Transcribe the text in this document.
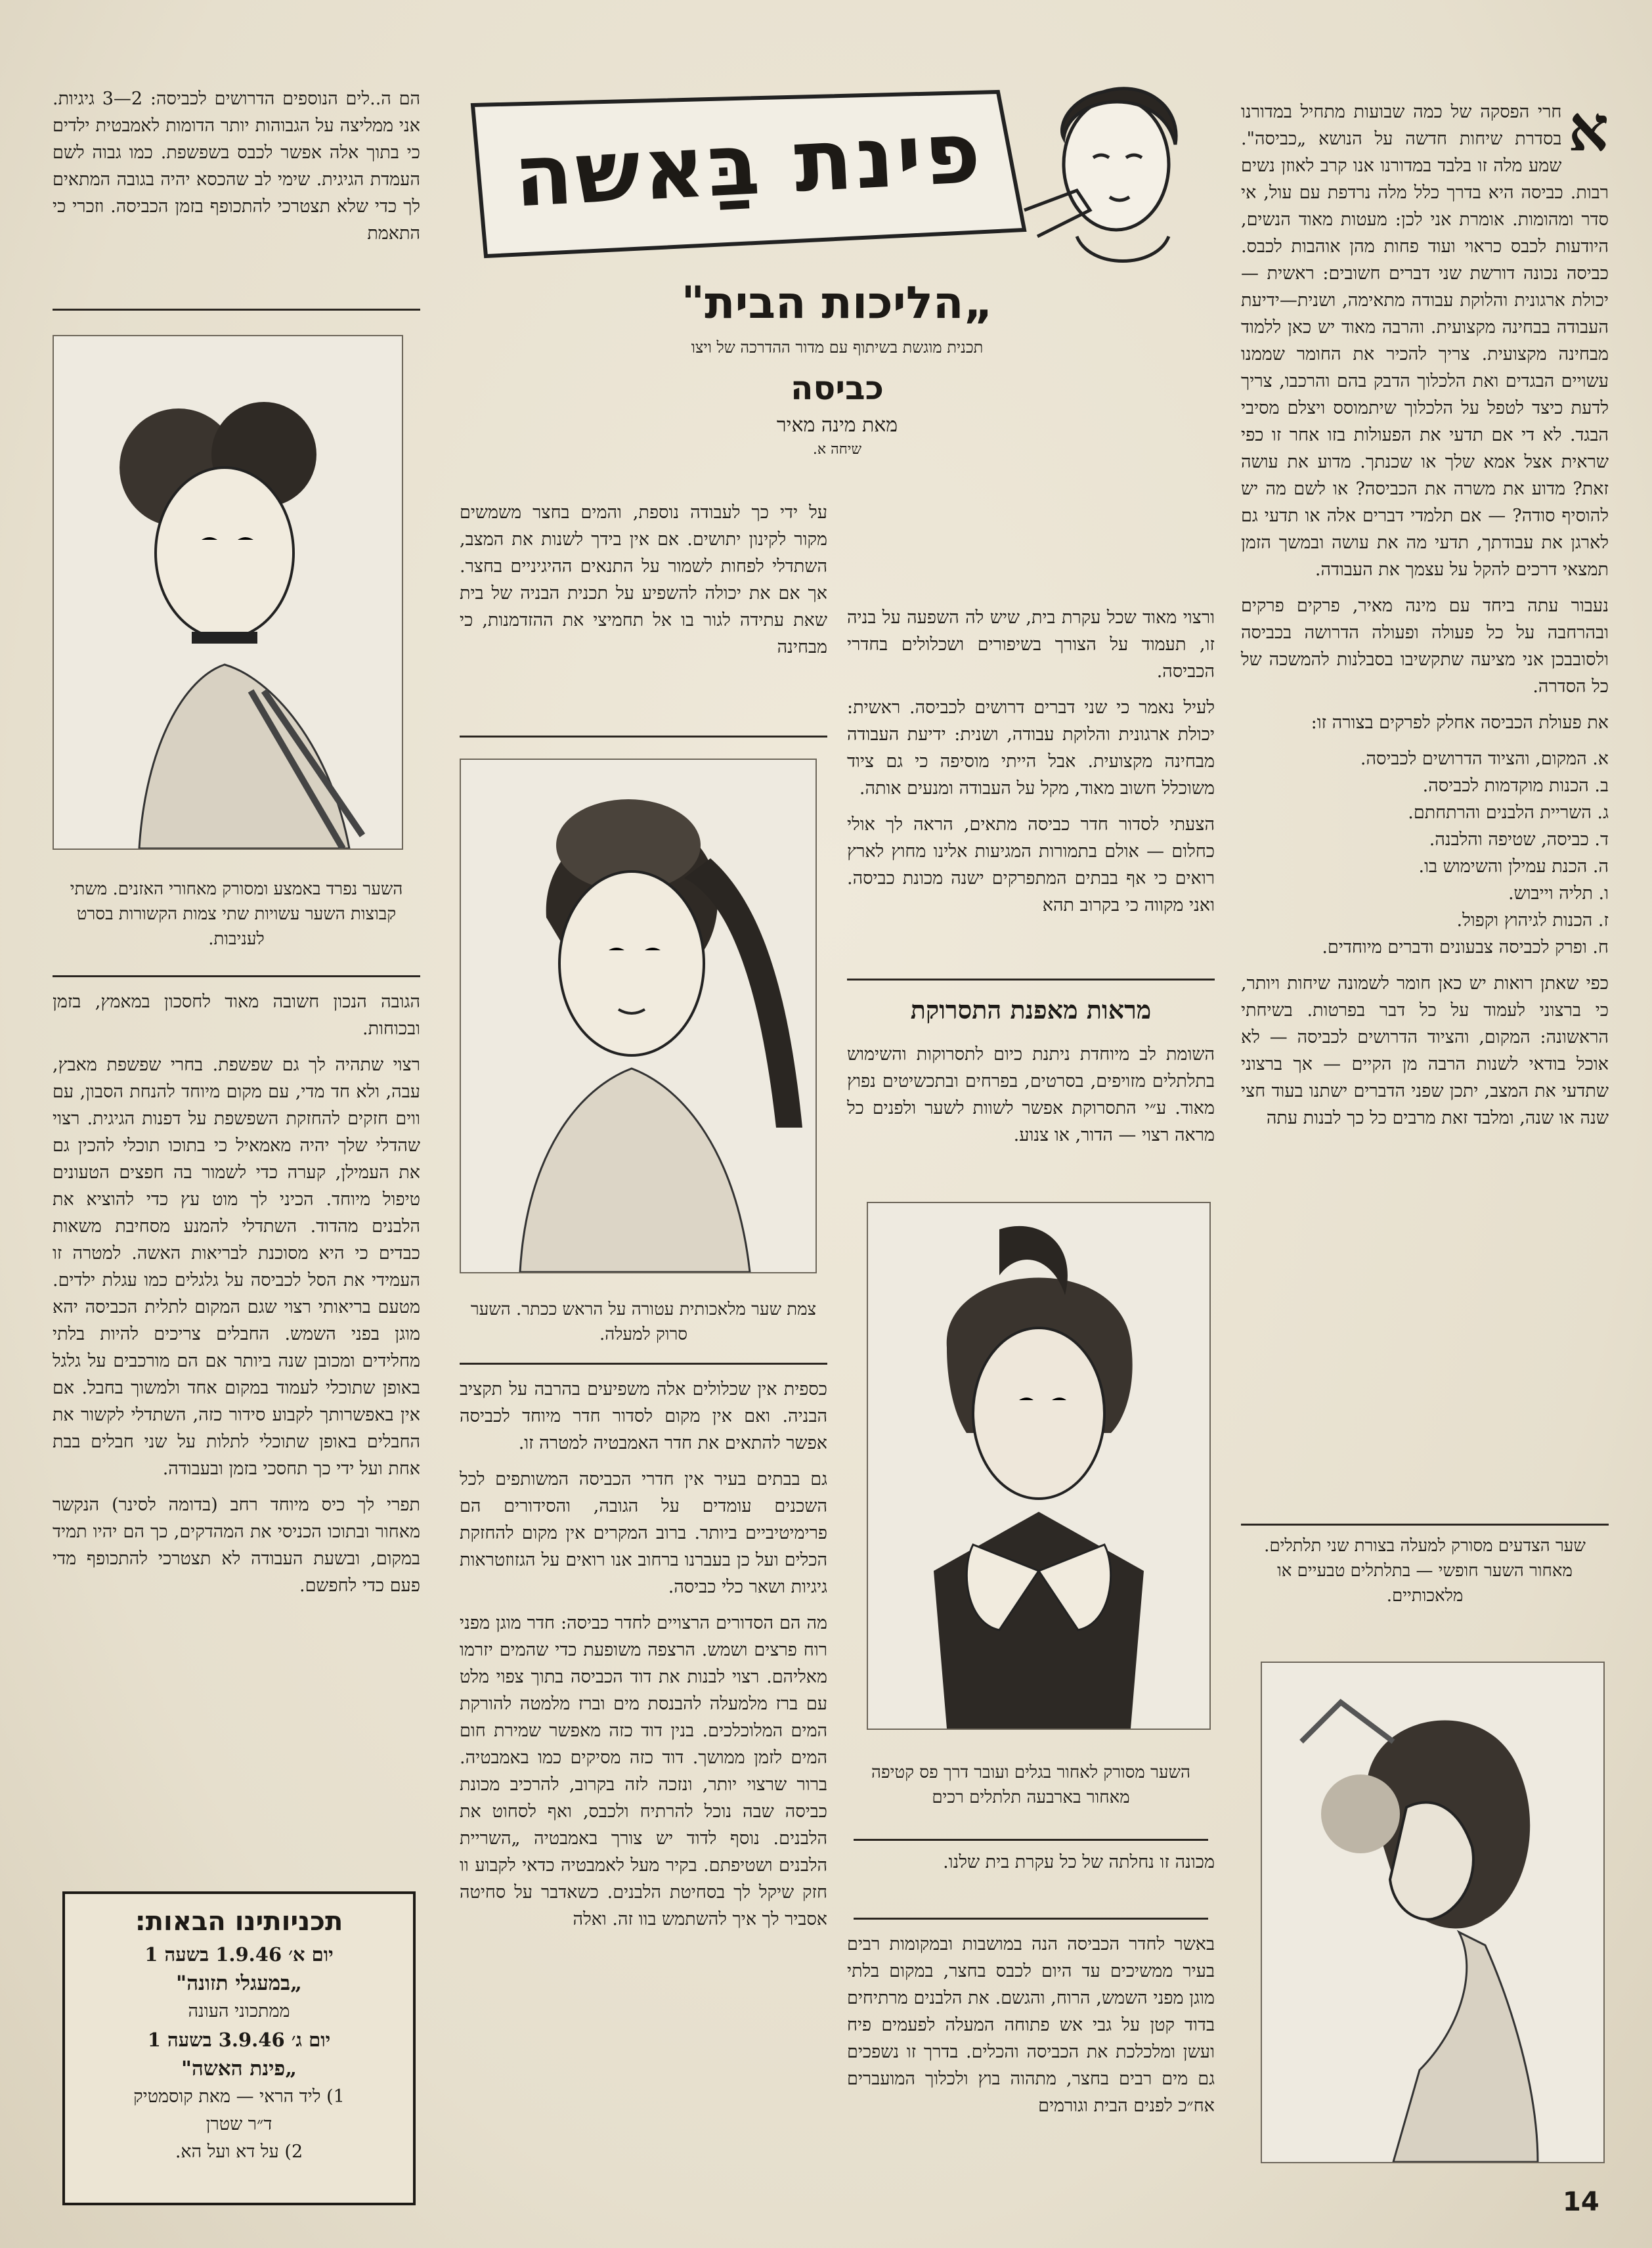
פינת בַּאשה
„הליכות הבית"
תכנית מוגשת בשיתוף עם מדור ההדרכה של ויצו
כביסה
מאת מינה מאיר
שיחה א.

א
חרי הפסקה של כמה שבועות מתחיל במדורנו בסדרת שיחות חדשה על הנושא „כביסה". שמע מלה זו בלבד במדורנו אנו קרב לאוזן נשים רבות. כביסה היא בדרך כלל מלה נרדפת עם עול, אי סדר ומהומות. אומרת אני לכן: מעטות מאוד הנשים, היודעות לכבס כראוי ועוד פחות מהן אוהבות לכבס. כביסה נכונה דורשת שני דברים חשובים: ראשית — יכולת ארגונית והלוקת עבודה מתאימה, ושנית—ידיעת העבודה בבחינה מקצועית. והרבה מאוד יש כאן ללמוד מבחינה מקצועית. צריך להכיר את החומר שממנו עשויים הבגדים ואת הלכלוך הדבק בהם והרכבו, צריך לדעת כיצד לטפל על הלכלוך שיתמוסס ויצלם מסיבי הבגד. לא די אם תדעי את הפעולות בזו אחר זו כפי שראית אצל אמא שלך או שכנתך. מדוע את עושה זאת? מדוע את משרה את הכביסה? או לשם מה יש להוסיף סודה? — אם תלמדי דברים אלה או תדעי גם לארגן את עבודתך, תדעי מה את עושה ובמשך הזמן תמצאי דרכים להקל על עצמך את העבודה.

נעבור עתה ביחד עם מינה מאיר, פרקים פרקים ובהרחבה על כל פעולה ופעולה הדרושה בכביסה ולסובבכן אני מציעה שתקשיבו בסבלנות להמשכה של כל הסדרה.

את פעולת הכביסה אחלק לפרקים בצורה זו:

א. המקום, והציוד הדרושים לכביסה.
ב. הכנות מוקדמות לכביסה.
ג. השריית הלבנים והרתחתם.
ד. כביסה, שטיפה והלבנה.
ה. הכנת עמילן והשימוש בו.
ו. תליה וייבוש.
ז. הכנות לגיהוץ וקפול.
ח. ופרק לכביסה צבעונים ודברים מיוחדים.

כפי שאתן רואות יש כאן חומר לשמונה שיחות ויותר, כי ברצוני לעמוד על כל דבר בפרטות. בשיחתי הראשונה: המקום, והציוד הדרושים לכביסה — לא אוכל בודאי לשנות הרבה מן הקיים — אך ברצוני שתדעי את המצב, יתכן שפני הדברים ישתנו בעוד חצי שנה או שנה, ומלבד זאת מרבים כל כך לבנות עתה

שער הצדעים מסורק למעלה בצורת שני תלתלים. מאחור השער חופשי — בתלתלים טבעיים או מלאכותיים.

ורצוי מאוד שכל עקרת בית, שיש לה השפעה על בניה זו, תעמוד על הצורך בשיפורים ושכלולים בחדרי הכביסה.

לעיל נאמר כי שני דברים דרושים לכביסה. ראשית: יכולת ארגונית והלוקת עבודה, ושנית: ידיעת העבודה מבחינה מקצועית. אבל הייתי מוסיפה כי גם ציוד משוכלל חשוב מאוד, מקל על העבודה ומנעים אותה.

הצעתי לסדור חדר כביסה מתאים, הראה לך אולי כחלום — אולם בתמורות המגיעות אלינו מחוץ לארץ רואים כי אף בבתים המתפרקים ישנה מכונת כביסה. ואני מקווה כי בקרוב תהא

מראות מאפנת התסרוקת

השומת לב מיוחדת ניתנת כיום לתסרוקות והשימוש בתלתלים מזויפים, בסרטים, בפרחים ובתכשיטים נפוץ מאוד. ע״י התסרוקת אפשר לשוות לשער ולפנים כל מראה רצוי — הדור, או צנוע.

השער מסורק לאחור בגלים ועובר דרך פס קטיפה מאחור בארבעה תלתלים רכים

מכונה זו נחלתה של כל עקרת בית שלנו.

באשר לחדר הכביסה הנה במושבות ובמקומות רבים בעיר ממשיכים עד היום לכבס בחצר, במקום בלתי מוגן מפני השמש, הרוח, והגשם. את הלבנים מרתיחים בדוד קטן על גבי אש פתוחה המעלה לפעמים פיח ועשן ומלכלכת את הכביסה והכלים. בדרך זו נשפכים גם מים רבים בחצר, מתהוה בוץ ולכלוך המועברים אח״כ לפנים הבית וגורמים

על ידי כך לעבודה נוספת, והמים בחצר משמשים מקור לקינון יתושים. אם אין בידך לשנות את המצב, השתדלי לפחות לשמור על התנאים ההיגיניים בחצר. אך אם את יכולה להשפיע על תכנית הבניה של בית שאת עתידה לגור בו אל תחמיצי את ההזדמנות, כי מבחינה

צמת שער מלאכותית עטורה על הראש ככתר. השער סרוק למעלה.

כספית אין שכלולים אלה משפיעים בהרבה על תקציב הבניה. ואם אין מקום לסדור חדר מיוחד לכביסה אפשר להתאים את חדר האמבטיה למטרה זו.

גם בבתים בעיר אין חדרי הכביסה המשותפים לכל השכנים עומדים על הגובה, והסידורים הם פרימיטיביים ביותר. ברוב המקרים אין מקום להחזקת הכלים ועל כן בעברנו ברחוב אנו רואים על הגזוזטראות גיגיות ושאר כלי כביסה.

מה הם הסדורים הרצויים לחדר כביסה: חדר מוגן מפני רוח פרצים ושמש. הרצפה משופעת כדי שהמים יזרמו מאליהם. רצוי לבנות את דוד הכביסה בתוך צפוי מלט עם ברז מלמעלה להבנסת מים וברז מלמטה להורקת המים המלוכלכים. בנין דוד כזה מאפשר שמירת חום המים לזמן ממושך. דוד כזה מסיקים כמו באמבטיה. ברור שרצוי יותר, ונזכה לזה בקרוב, להרכיב מכונת כביסה שבה נוכל להרתיח ולכבס, ואף לסחוט את הלבנים. נוסף לדוד יש צורך באמבטיה „השריית הלבנים ושטיפתם. בקיר מעל לאמבטיה כדאי לקבוע וו חזק שיקל לך בסחיטת הלבנים. כשאדבר על סחיטה אסביר לך איך להשתמש בוו זה. ואלה

הם ה..לים הנוספים הדרושים לכביסה: 2—3 גיגיות. אני ממליצה על הגבוהות יותר הדומות לאמבטית ילדים כי בתוך אלה אפשר לכבס בשפשפת. כמו גבוה לשם העמדת הגיגית. שימי לב שהכסא יהיה בגובה המתאים לך כדי שלא תצטרכי להתכופף בזמן הכביסה. וזכרי כי התאמת

השער נפרד באמצע ומסורק מאחורי האזנים. משתי קבוצות השער עשויות שתי צמות הקשורות בסרט לעניבות.

הגובה הנכון חשובה מאוד לחסכון במאמץ, בזמן ובכוחות.

רצוי שתהיה לך גם שפשפת. בחרי שפשפת מאבץ, עבה, ולא חד מדי, עם מקום מיוחד להנחת הסבון, עם ווים חזקים להחזקת השפשפת על דפנות הגיגית. רצוי שהדלי שלך יהיה מאמאיל כי בתוכו תוכלי להכין גם את העמילן, קערה כדי לשמור בה חפצים הטעונים טיפול מיוחד. הכיני לך מוט עץ כדי להוציא את הלבנים מהדוד. השתדלי להמנע מסחיבת משאות כבדים כי היא מסוכנת לבריאות האשה. למטרה זו העמידי את הסל לכביסה על גלגלים כמו עגלת ילדים. מטעם בריאותי רצוי שגם המקום לתלית הכביסה יהא מוגן בפני השמש. החבלים צריכים להיות בלתי מחלידים ומכובן שנה ביותר אם הם מורכבים על גלגל באופן שתוכלי לעמוד במקום אחד ולמשוך בחבל. אם אין באפשרותך לקבוע סידור כזה, השתדלי לקשור את החבלים באופן שתוכלי לתלות על שני חבלים בבת אחת ועל ידי כך תחסכי בזמן ובעבודה.

תפרי לך כיס מיוחד רחב (בדומה לסינר) הנקשר מאחור ובתוכו הכניסי את המהדקים, כך הם יהיו תמיד במקום, ובשעת העבודה לא תצטרכי להתכופף מדי פעם כדי לחפשם.

תכניותינו הבאות:
יום א׳ 1.9.46 בשעה 1
„במעגלי תזונה"
ממתכוני העונה
יום ג׳ 3.9.46 בשעה 1
„פינת האשה"
1) ליד הראי — מאת קוסמטיק
ד״ר שטרן
2) על דא ועל הא.
14
